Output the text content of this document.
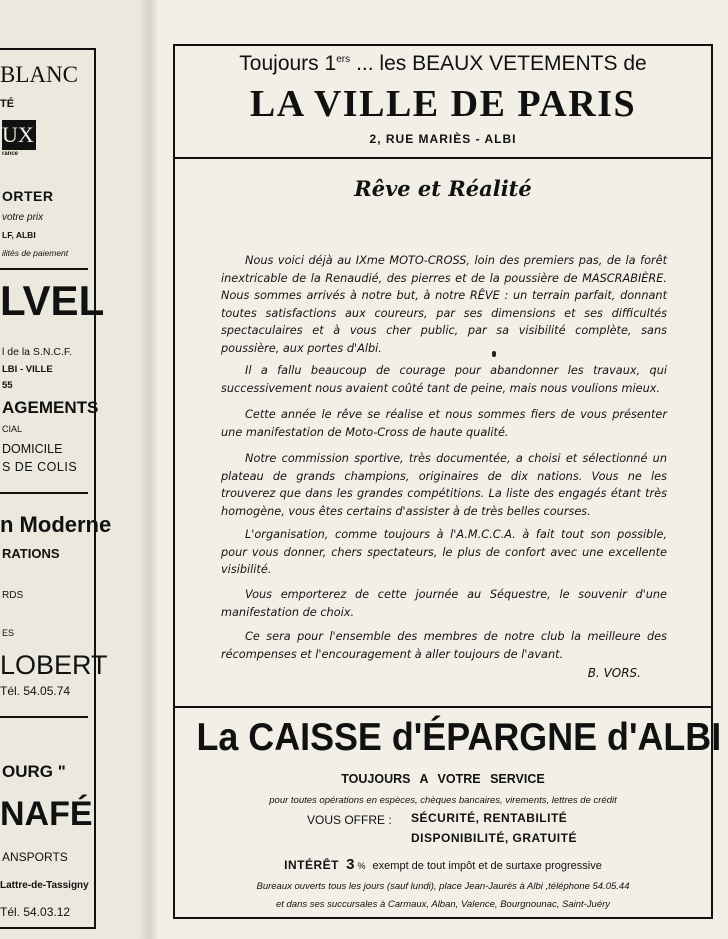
BLANC
TÉ
UX
rance
ORTER
votre prix
LF, ALBI
ilités de paiement
LVEL
l de la S.N.C.F.
LBI - VILLE
55
AGEMENTS
CIAL
DOMICILE
S DE COLIS
n Moderne
RATIONS
RDS
ES
LOBERT
Tél. 54.05.74
OURG "
NAFÉ
ANSPORTS
Lattre-de-Tassigny
Tél. 54.03.12
Toujours 1ers ... les BEAUX VETEMENTS de
LA VILLE DE PARIS
2, RUE MARIÈS - ALBI
Rêve et Réalité

Nous voici déjà au IXme MOTO-CROSS, loin des premiers pas, de la forêt inextricable de la Renaudié, des pierres et de la poussière de MASCRABIÈRE. Nous sommes arrivés à notre but, à notre RÊVE : un terrain parfait, donnant toutes satisfactions aux coureurs, par ses dimensions et ses difficultés spectaculaires et à vous cher public, par sa visibilité complète, sans poussière, aux portes d'Albi.

Il a fallu beaucoup de courage pour abandonner les travaux, qui successivement nous avaient coûté tant de peine, mais nous voulions mieux.

Cette année le rêve se réalise et nous sommes fiers de vous présenter une manifestation de Moto-Cross de haute qualité.

Notre commission sportive, très documentée, a choisi et sélectionné un plateau de grands champions, originaires de dix nations. Vous ne les trouverez que dans les grandes compétitions. La liste des engagés étant très homogène, vous êtes certains d'assister à de très belles courses.

L'organisation, comme toujours à l'A.M.C.C.A. à fait tout son possible, pour vous donner, chers spectateurs, le plus de confort avec une excellente visibilité.

Vous emporterez de cette journée au Séquestre, le souvenir d'une manifestation de choix.

Ce sera pour l'ensemble des membres de notre club la meilleure des récompenses et l'encouragement à aller toujours de l'avant.

B. VORS.
La CAISSE d'ÉPARGNE d'ALBI
TOUJOURS A VOTRE SERVICE
pour toutes opérations en espèces, chèques bancaires, virements, lettres de crédit
VOUS OFFRE : SÉCURITÉ, RENTABILITÉ
DISPONIBILITÉ, GRATUITÉ
INTÉRÊT 3 % exempt de tout impôt et de surtaxe progressive
Bureaux ouverts tous les jours (sauf lundi), place Jean-Jaurès à Albi ,téléphone 54.05.44
et dans ses succursales à Carmaux, Alban, Valence, Bourgnounac, Saint-Juéry
